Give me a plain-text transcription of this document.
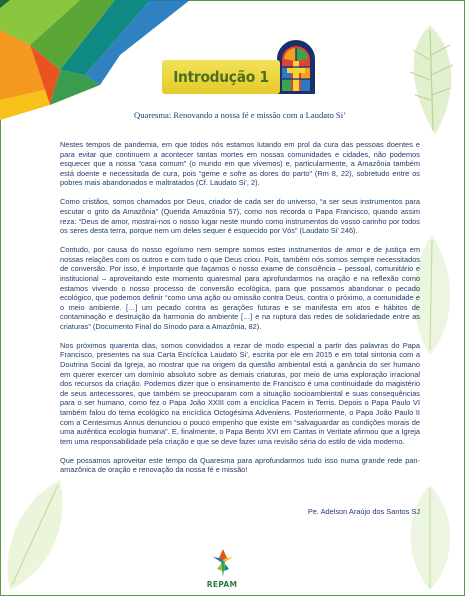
Introdução 1
Quaresma: Renovando a nossa fé e missão com a Laudato Si’

Nestes tempos de pandemia, em que todos nós estamos lutando em prol da cura das pessoas doentes e para evitar que continuem a acontecer tantas mortes em nossas comunidades e cidades, não podemos esquecer que a nossa “casa comum” (o mundo em que vivemos) e, particularmente, a Amazônia também está doente e necessitada de cura, pois “geme e sofre as dores do parto” (Rm 8, 22), sobretudo entre os pobres mais abandonados e maltratados (Cf. Laudato Si’, 2).

Como cristãos, somos chamados por Deus, criador de cada ser do universo, “a ser seus instrumentos para escutar o grito da Amazônia” (Querida Amazônia 57), como nos recorda o Papa Francisco, quando assim reza: “Deus de amor, mostrai-nos o nosso lugar neste mundo como instrumentos do vosso carinho por todos os seres desta terra, porque nem um deles sequer é esquecido por Vós” (Laudato Si’ 246).

Contudo, por causa do nosso egoísmo nem sempre somos estes instrumentos de amor e de justiça em nossas relações com os outros e com tudo o que Deus criou. Pois, também nós somos sempre necessitados de conversão. Por isso, é importante que façamos o nosso exame de consciência – pessoal, comunitário e institucional – aproveitando este momento quaresmal para aprofundarmos na oração e na reflexão como estamos vivendo o nosso processo de conversão ecológica, para que possamos abandonar o pecado ecológico, que podemos definir “como uma ação ou omissão contra Deus, contra o próximo, a comunidade e o meio ambiente. […] um pecado contra as gerações futuras e se manifesta em atos e hábitos de contaminação e destruição da harmonia do ambiente […] e na ruptura das redes de solidariedade entre as criaturas” (Documento Final do Sínodo para a Amazônia, 82).

Nos próximos quarenta dias, somos convidados a rezar de modo especial a partir das palavras do Papa Francisco, presentes na sua Carta Encíclica Laudato Si’, escrita por ele em 2015 e em total sintonia com a Doutrina Social da Igreja, ao mostrar que na origem da questão ambiental está a ganância do ser humano em querer exercer um domínio absoluto sobre as demais criaturas, por meio de uma exploração irracional dos recursos da criação. Podemos dizer que o ensinamento de Francisco é uma continuidade do magistério de seus antecessores, que também se preocuparam com a situação socioambiental e suas consequências para o ser humano, como fez o Papa João XXIII com a encíclica Pacem in Terris. Depois o Papa Paulo VI também falou do tema ecológico na encíclica Octogésima Adveniens. Posteriormente, o Papa João Paulo II com a Centesimus Annus denunciou o pouco empenho que existe em “salvaguardar as condições morais de uma autêntica ecologia humana”. E, finalmente, o Papa Bento XVI em Caritas in Veritate afirmou que a Igreja tem uma responsabilidade pela criação e que se deve fazer uma revisão séria do estilo de vida moderno.

Que possamos aproveitar este tempo da Quaresma para aprofundarmos tudo isso numa grande rede pan-amazônica de oração e renovação da nossa fé e missão!

Pe. Adelson Araújo dos Santos SJ
REPAM
